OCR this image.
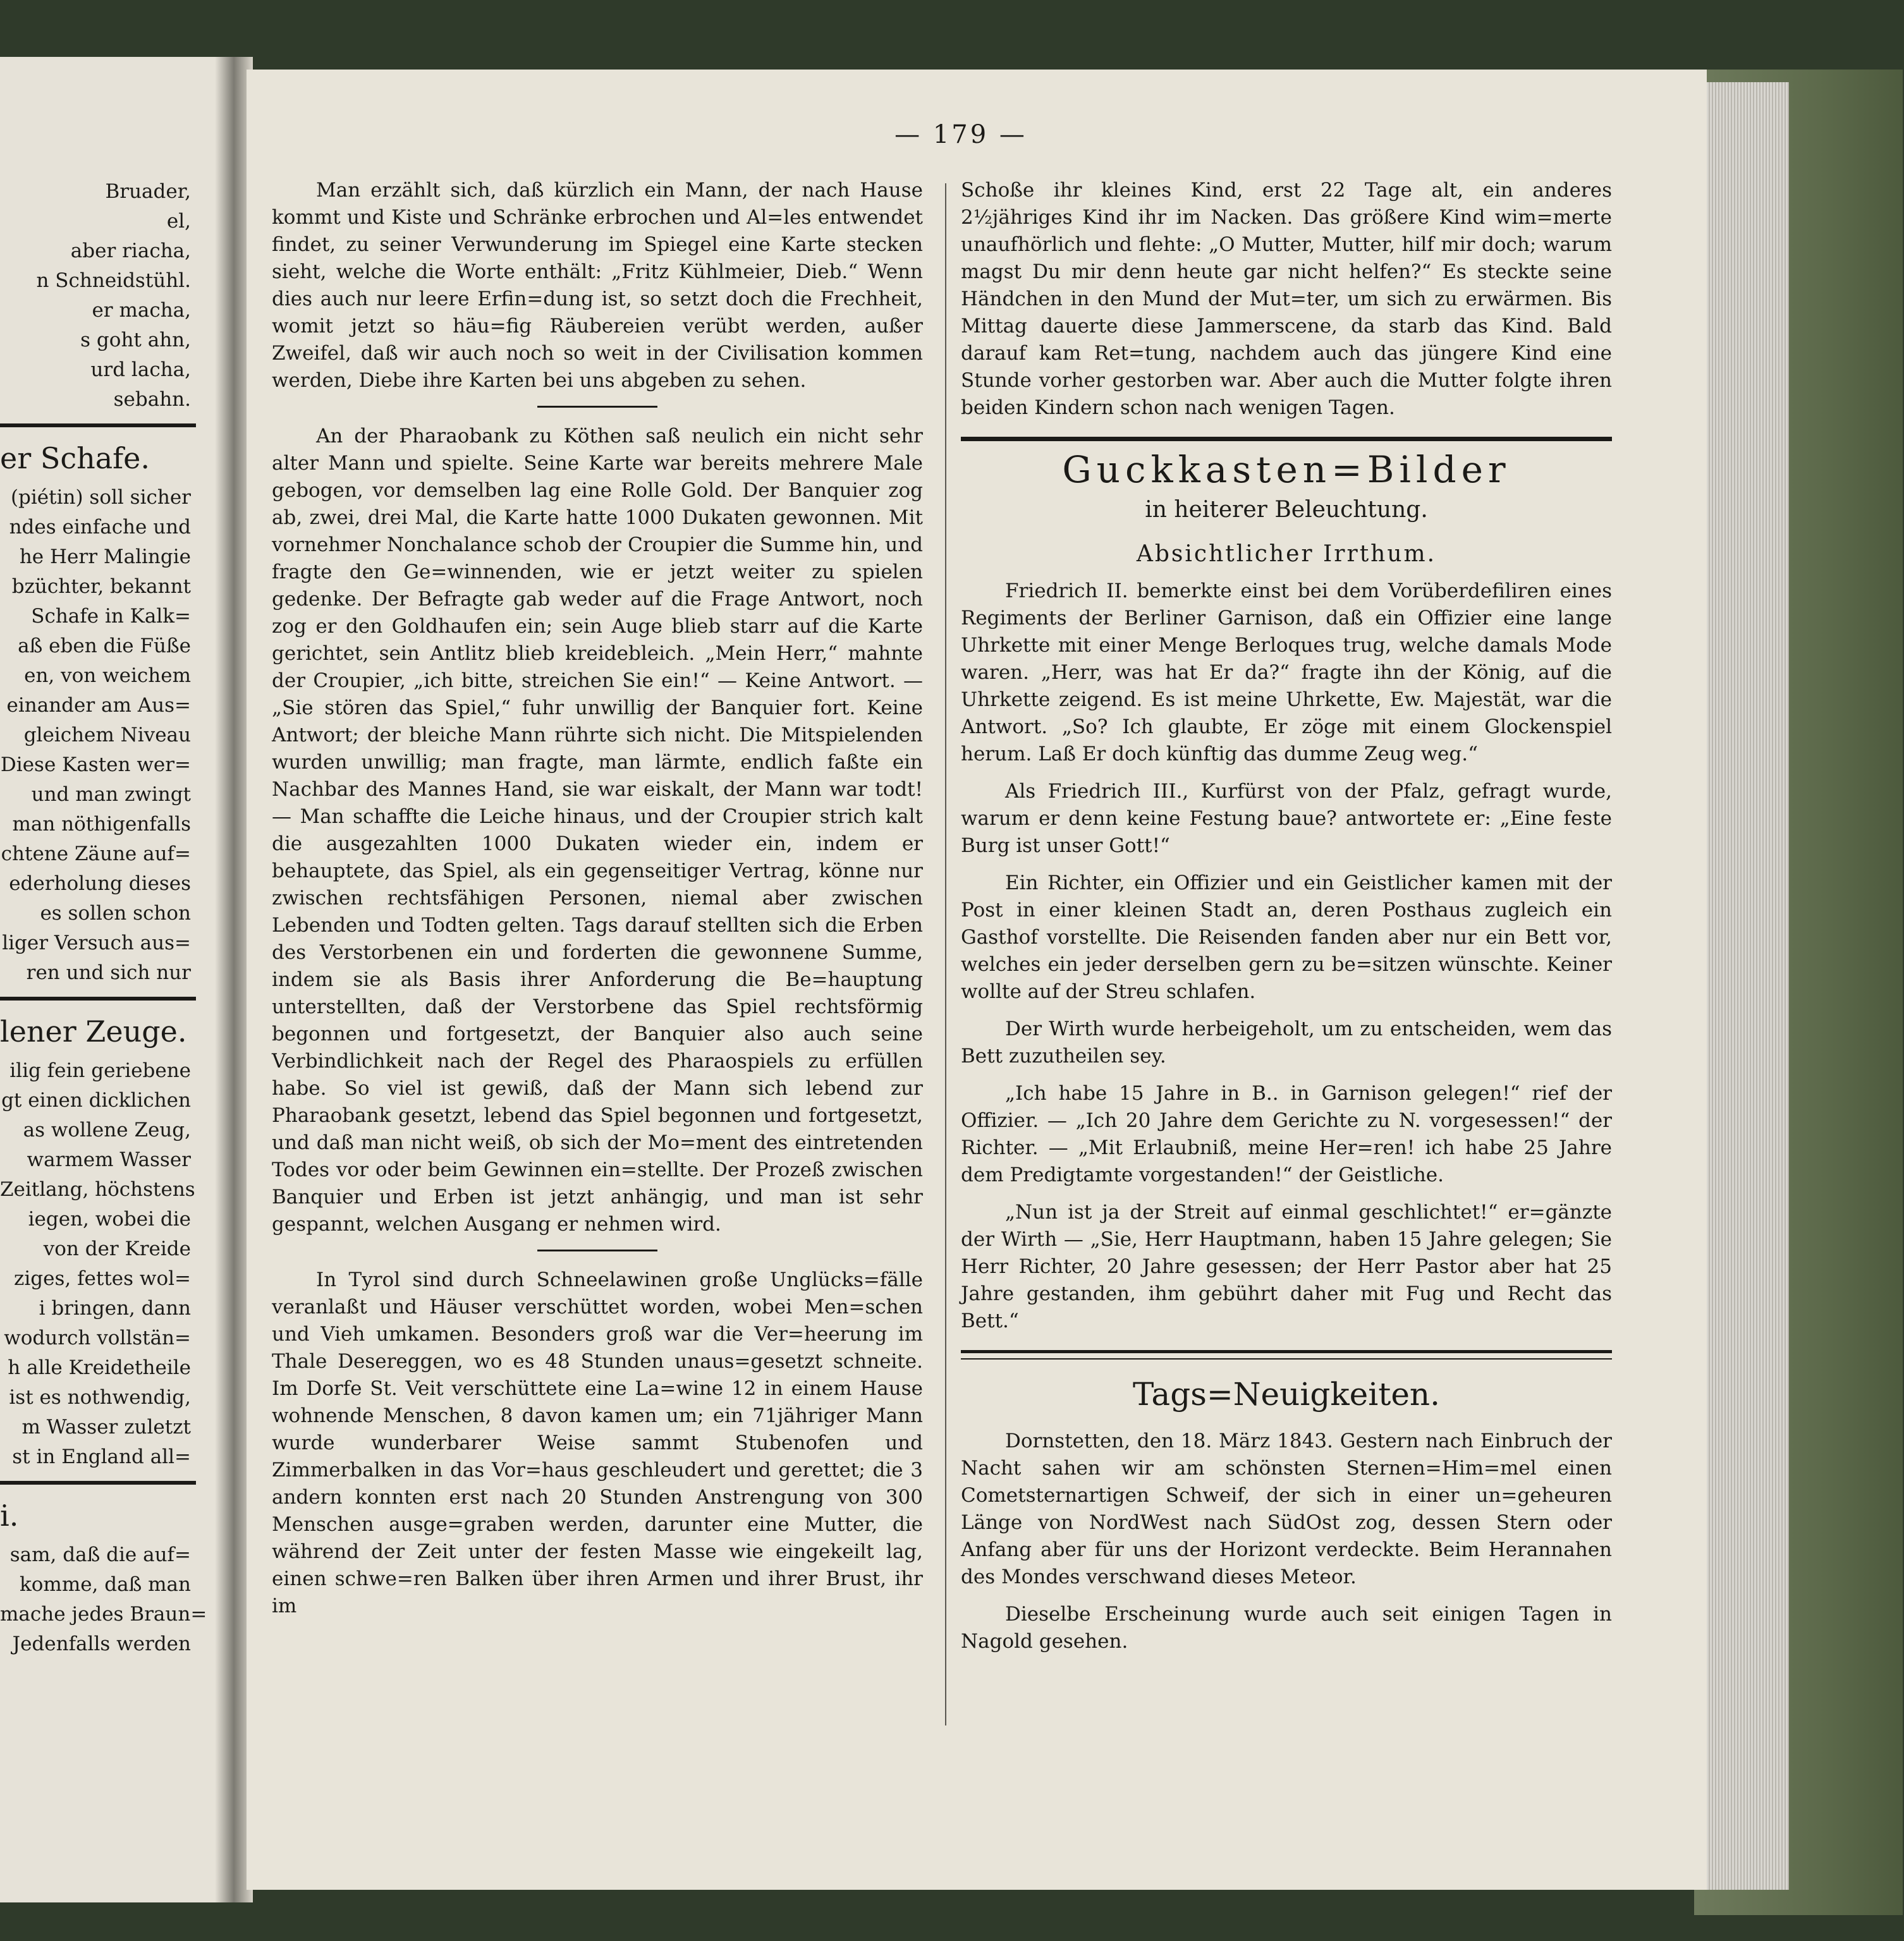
Bruader,

el,

aber riacha,

n Schneidstühl.

er macha,

s goht ahn,

urd lacha,

sebahn.

er Schafe.

(piétin) soll sicher

ndes einfache und

he Herr Malingie

bzüchter, bekannt

Schafe in Kalk=

aß eben die Füße

en, von weichem

einander am Aus=

gleichem Niveau

Diese Kasten wer=

und man zwingt

man nöthigenfalls

chtene Zäune auf=

ederholung dieses

es sollen schon

liger Versuch aus=

ren und sich nur

lener Zeuge.

ilig fein geriebene

gt einen dicklichen

as wollene Zeug,

warmem Wasser

Zeitlang, höchstens

iegen, wobei die

von der Kreide

ziges, fettes wol=

i bringen, dann

wodurch vollstän=

h alle Kreidetheile

ist es nothwendig,

m Wasser zuletzt

st in England all=

i.

sam, daß die auf=

komme, daß man

mache jedes Braun=

Jedenfalls werden

— 179 —

Man erzählt sich, daß kürzlich ein Mann, der nach Hause kommt und Kiste und Schränke erbrochen und Al=les entwendet findet, zu seiner Verwunderung im Spiegel eine Karte stecken sieht, welche die Worte enthält: „Fritz Kühlmeier, Dieb.“ Wenn dies auch nur leere Erfin=dung ist, so setzt doch die Frechheit, womit jetzt so häu=fig Räubereien verübt werden, außer Zweifel, daß wir auch noch so weit in der Civilisation kommen werden, Diebe ihre Karten bei uns abgeben zu sehen.

An der Pharaobank zu Köthen saß neulich ein nicht sehr alter Mann und spielte. Seine Karte war bereits mehrere Male gebogen, vor demselben lag eine Rolle Gold. Der Banquier zog ab, zwei, drei Mal, die Karte hatte 1000 Dukaten gewonnen. Mit vornehmer Nonchalance schob der Croupier die Summe hin, und fragte den Ge=winnenden, wie er jetzt weiter zu spielen gedenke. Der Befragte gab weder auf die Frage Antwort, noch zog er den Goldhaufen ein; sein Auge blieb starr auf die Karte gerichtet, sein Antlitz blieb kreidebleich. „Mein Herr,“ mahnte der Croupier, „ich bitte, streichen Sie ein!“ — Keine Antwort. — „Sie stören das Spiel,“ fuhr unwillig der Banquier fort. Keine Antwort; der bleiche Mann rührte sich nicht. Die Mitspielenden wurden unwillig; man fragte, man lärmte, endlich faßte ein Nachbar des Mannes Hand, sie war eiskalt, der Mann war todt! — Man schaffte die Leiche hinaus, und der Croupier strich kalt die ausgezahlten 1000 Dukaten wieder ein, indem er behauptete, das Spiel, als ein gegenseitiger Vertrag, könne nur zwischen rechtsfähigen Personen, niemal aber zwischen Lebenden und Todten gelten. Tags darauf stellten sich die Erben des Verstorbenen ein und forderten die gewonnene Summe, indem sie als Basis ihrer Anforderung die Be=hauptung unterstellten, daß der Verstorbene das Spiel rechtsförmig begonnen und fortgesetzt, der Banquier also auch seine Verbindlichkeit nach der Regel des Pharaospiels zu erfüllen habe. So viel ist gewiß, daß der Mann sich lebend zur Pharaobank gesetzt, lebend das Spiel begonnen und fortgesetzt, und daß man nicht weiß, ob sich der Mo=ment des eintretenden Todes vor oder beim Gewinnen ein=stellte. Der Prozeß zwischen Banquier und Erben ist jetzt anhängig, und man ist sehr gespannt, welchen Ausgang er nehmen wird.

In Tyrol sind durch Schneelawinen große Unglücks=fälle veranlaßt und Häuser verschüttet worden, wobei Men=schen und Vieh umkamen. Besonders groß war die Ver=heerung im Thale Desereggen, wo es 48 Stunden unaus=gesetzt schneite. Im Dorfe St. Veit verschüttete eine La=wine 12 in einem Hause wohnende Menschen, 8 davon kamen um; ein 71jähriger Mann wurde wunderbarer Weise sammt Stubenofen und Zimmerbalken in das Vor=haus geschleudert und gerettet; die 3 andern konnten erst nach 20 Stunden Anstrengung von 300 Menschen ausge=graben werden, darunter eine Mutter, die während der Zeit unter der festen Masse wie eingekeilt lag, einen schwe=ren Balken über ihren Armen und ihrer Brust, ihr im

Schoße ihr kleines Kind, erst 22 Tage alt, ein anderes 2½jähriges Kind ihr im Nacken. Das größere Kind wim=merte unaufhörlich und flehte: „O Mutter, Mutter, hilf mir doch; warum magst Du mir denn heute gar nicht helfen?“ Es steckte seine Händchen in den Mund der Mut=ter, um sich zu erwärmen. Bis Mittag dauerte diese Jammerscene, da starb das Kind. Bald darauf kam Ret=tung, nachdem auch das jüngere Kind eine Stunde vorher gestorben war. Aber auch die Mutter folgte ihren beiden Kindern schon nach wenigen Tagen.

Guckkasten=Bilder
in heiterer Beleuchtung.
Absichtlicher Irrthum.

Friedrich II. bemerkte einst bei dem Vorüberdefiliren eines Regiments der Berliner Garnison, daß ein Offizier eine lange Uhrkette mit einer Menge Berloques trug, welche damals Mode waren. „Herr, was hat Er da?“ fragte ihn der König, auf die Uhrkette zeigend. Es ist meine Uhrkette, Ew. Majestät, war die Antwort. „So? Ich glaubte, Er zöge mit einem Glockenspiel herum. Laß Er doch künftig das dumme Zeug weg.“

Als Friedrich III., Kurfürst von der Pfalz, gefragt wurde, warum er denn keine Festung baue? antwortete er: „Eine feste Burg ist unser Gott!“

Ein Richter, ein Offizier und ein Geistlicher kamen mit der Post in einer kleinen Stadt an, deren Posthaus zugleich ein Gasthof vorstellte. Die Reisenden fanden aber nur ein Bett vor, welches ein jeder derselben gern zu be=sitzen wünschte. Keiner wollte auf der Streu schlafen.

Der Wirth wurde herbeigeholt, um zu entscheiden, wem das Bett zuzutheilen sey.

„Ich habe 15 Jahre in B.. in Garnison gelegen!“ rief der Offizier. — „Ich 20 Jahre dem Gerichte zu N. vorgesessen!“ der Richter. — „Mit Erlaubniß, meine Her=ren! ich habe 25 Jahre dem Predigtamte vorgestanden!“ der Geistliche.

„Nun ist ja der Streit auf einmal geschlichtet!“ er=gänzte der Wirth — „Sie, Herr Hauptmann, haben 15 Jahre gelegen; Sie Herr Richter, 20 Jahre gesessen; der Herr Pastor aber hat 25 Jahre gestanden, ihm gebührt daher mit Fug und Recht das Bett.“

Tags=Neuigkeiten.

Dornstetten, den 18. März 1843. Gestern nach Einbruch der Nacht sahen wir am schönsten Sternen=Him=mel einen Cometsternartigen Schweif, der sich in einer un=geheuren Länge von NordWest nach SüdOst zog, dessen Stern oder Anfang aber für uns der Horizont verdeckte. Beim Herannahen des Mondes verschwand dieses Meteor.

Dieselbe Erscheinung wurde auch seit einigen Tagen in Nagold gesehen.
